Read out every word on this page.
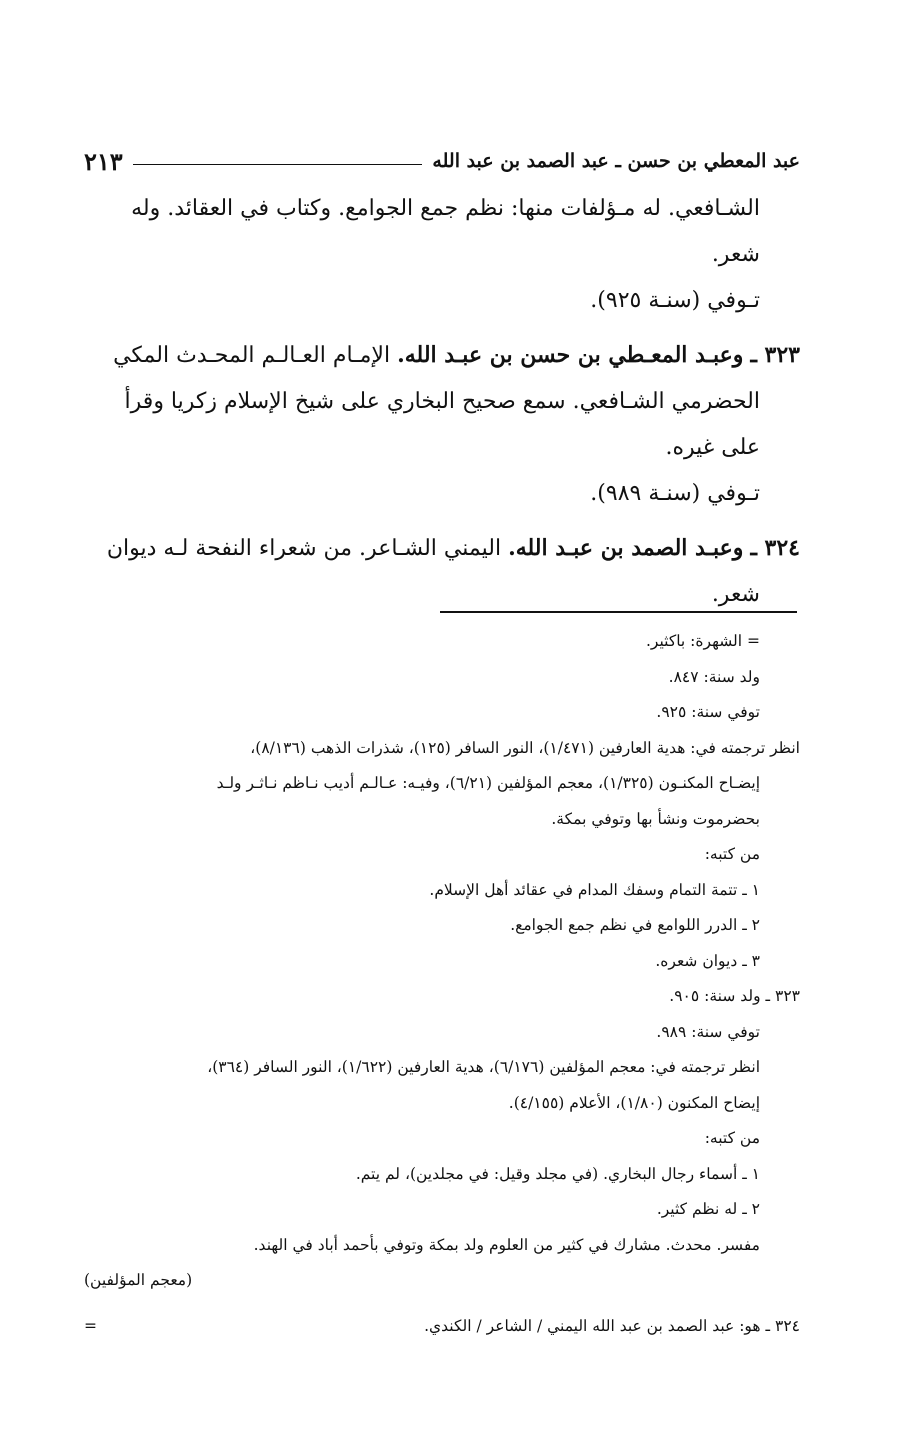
عبد المعطي بن حسن ـ عبد الصمد بن عبد الله
٢١٣

الشـافعي. له مـؤلفات منها: نظم جمع الجوامع. وكتاب في العقائد. وله

شعر.

تـوفي (سنـة ٩٢٥).

٣٢٣ ـ وعبـد المعـطي بن حسن بن عبـد الله. الإمـام العـالـم المحـدث المكي

الحضرمي الشـافعي. سمع صحيح البخاري على شيخ الإسلام زكريا وقرأ

على غيره.

تـوفي (سنـة ٩٨٩).

٣٢٤ ـ وعبـد الصمد بن عبـد الله. اليمني الشـاعر. من شعراء النفحة لـه ديوان

شعر.

= الشهرة: باكثير.

ولد سنة: ٨٤٧.

توفي سنة: ٩٢٥.

انظر ترجمته في: هدية العارفين (١/٤٧١)، النور السافر (١٢٥)، شذرات الذهب (٨/١٣٦)،

إيضـاح المكنـون (١/٣٢٥)، معجم المؤلفين (٦/٢١)، وفيـه: عـالـم أديب نـاظم نـاثـر ولـد

بحضرموت ونشأ بها وتوفي بمكة.

من كتبه:

١ ـ تتمة التمام وسفك المدام في عقائد أهل الإسلام.

٢ ـ الدرر اللوامع في نظم جمع الجوامع.

٣ ـ ديوان شعره.

٣٢٣ ـ ولد سنة: ٩٠٥.

توفي سنة: ٩٨٩.

انظر ترجمته في: معجم المؤلفين (٦/١٧٦)، هدية العارفين (١/٦٢٢)، النور السافر (٣٦٤)،

إيضاح المكنون (١/٨٠)، الأعلام (٤/١٥٥).

من كتبه:

١ ـ أسماء رجال البخاري. (في مجلد وقيل: في مجلدين)، لم يتم.

٢ ـ له نظم كثير.

مفسر. محدث. مشارك في كثير من العلوم ولد بمكة وتوفي بأحمد أباد في الهند.

(معجم المؤلفين)

٣٢٤ ـ هو: عبد الصمد بن عبد الله اليمني / الشاعر / الكندي.
=
